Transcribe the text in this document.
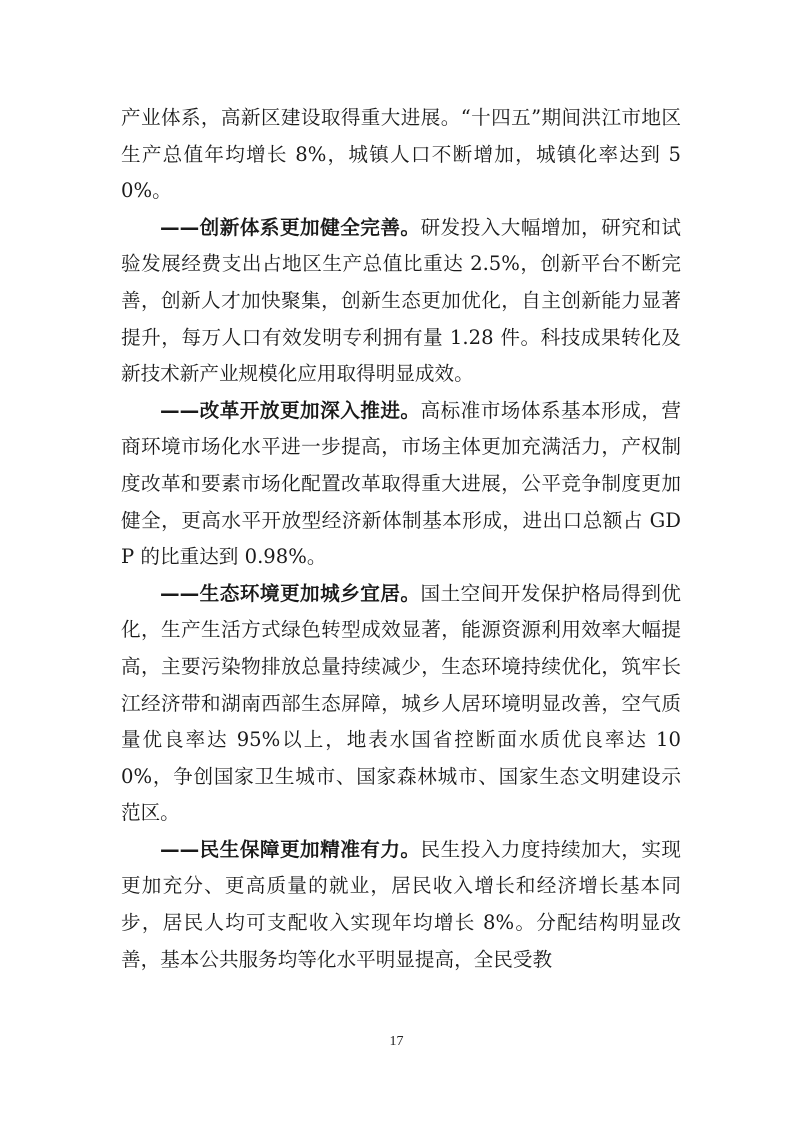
产业体系，高新区建设取得重大进展。“十四五”期间洪江市地区生产总值年均增长 8%，城镇人口不断增加，城镇化率达到 50%。

——创新体系更加健全完善。研发投入大幅增加，研究和试验发展经费支出占地区生产总值比重达 2.5%，创新平台不断完善，创新人才加快聚集，创新生态更加优化，自主创新能力显著提升，每万人口有效发明专利拥有量 1.28 件。科技成果转化及新技术新产业规模化应用取得明显成效。

——改革开放更加深入推进。高标准市场体系基本形成，营商环境市场化水平进一步提高，市场主体更加充满活力，产权制度改革和要素市场化配置改革取得重大进展，公平竞争制度更加健全，更高水平开放型经济新体制基本形成，进出口总额占 GDP 的比重达到 0.98%。

——生态环境更加城乡宜居。国土空间开发保护格局得到优化，生产生活方式绿色转型成效显著，能源资源利用效率大幅提高，主要污染物排放总量持续减少，生态环境持续优化，筑牢长江经济带和湖南西部生态屏障，城乡人居环境明显改善，空气质量优良率达 95%以上，地表水国省控断面水质优良率达 100%，争创国家卫生城市、国家森林城市、国家生态文明建设示范区。

——民生保障更加精准有力。民生投入力度持续加大，实现更加充分、更高质量的就业，居民收入增长和经济增长基本同步，居民人均可支配收入实现年均增长 8%。分配结构明显改善，基本公共服务均等化水平明显提高，全民受教

17
